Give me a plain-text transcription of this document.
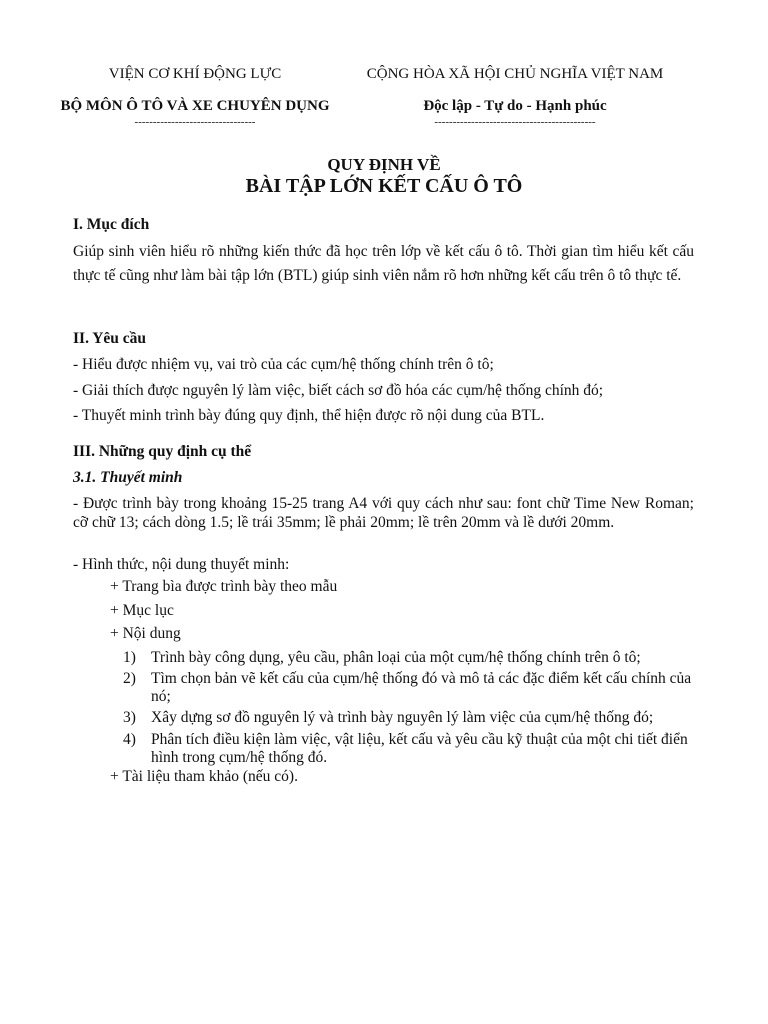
VIỆN CƠ KHÍ ĐỘNG LỰC
BỘ MÔN Ô TÔ VÀ XE CHUYÊN DỤNG
---------------------------------
CỘNG HÒA XÃ HỘI CHỦ NGHĨA VIỆT NAM
Độc lập - Tự do - Hạnh phúc
--------------------------------------------
QUY ĐỊNH VỀ
BÀI TẬP LỚN KẾT CẤU Ô TÔ
I. Mục đích
Giúp sinh viên hiểu rõ những kiến thức đã học trên lớp về kết cấu ô tô. Thời gian tìm hiểu kết cấu thực tế cũng như làm bài tập lớn (BTL) giúp sinh viên nắm rõ hơn những kết cấu trên ô tô thực tế.
II. Yêu cầu
- Hiểu được nhiệm vụ, vai trò của các cụm/hệ thống chính trên ô tô;
- Giải thích được nguyên lý làm việc, biết cách sơ đồ hóa các cụm/hệ thống chính đó;
- Thuyết minh trình bày đúng quy định, thể hiện được rõ nội dung của BTL.
III. Những quy định cụ thể
3.1. Thuyết minh
- Được trình bày trong khoảng 15-25 trang A4 với quy cách như sau: font chữ Time New Roman; cỡ chữ 13; cách dòng 1.5; lề trái 35mm; lề phải 20mm; lề trên 20mm và lề dưới 20mm.
- Hình thức, nội dung thuyết minh:
+ Trang bìa được trình bày theo mẫu
+ Mục lục
+ Nội dung
1) Trình bày công dụng, yêu cầu, phân loại của một cụm/hệ thống chính trên ô tô;
2) Tìm chọn bản vẽ kết cấu của cụm/hệ thống đó và mô tả các đặc điểm kết cấu chính của nó;
3) Xây dựng sơ đồ nguyên lý và trình bày nguyên lý làm việc của cụm/hệ thống đó;
4) Phân tích điều kiện làm việc, vật liệu, kết cấu và yêu cầu kỹ thuật của một chi tiết điển hình trong cụm/hệ thống đó.
+ Tài liệu tham khảo (nếu có).
